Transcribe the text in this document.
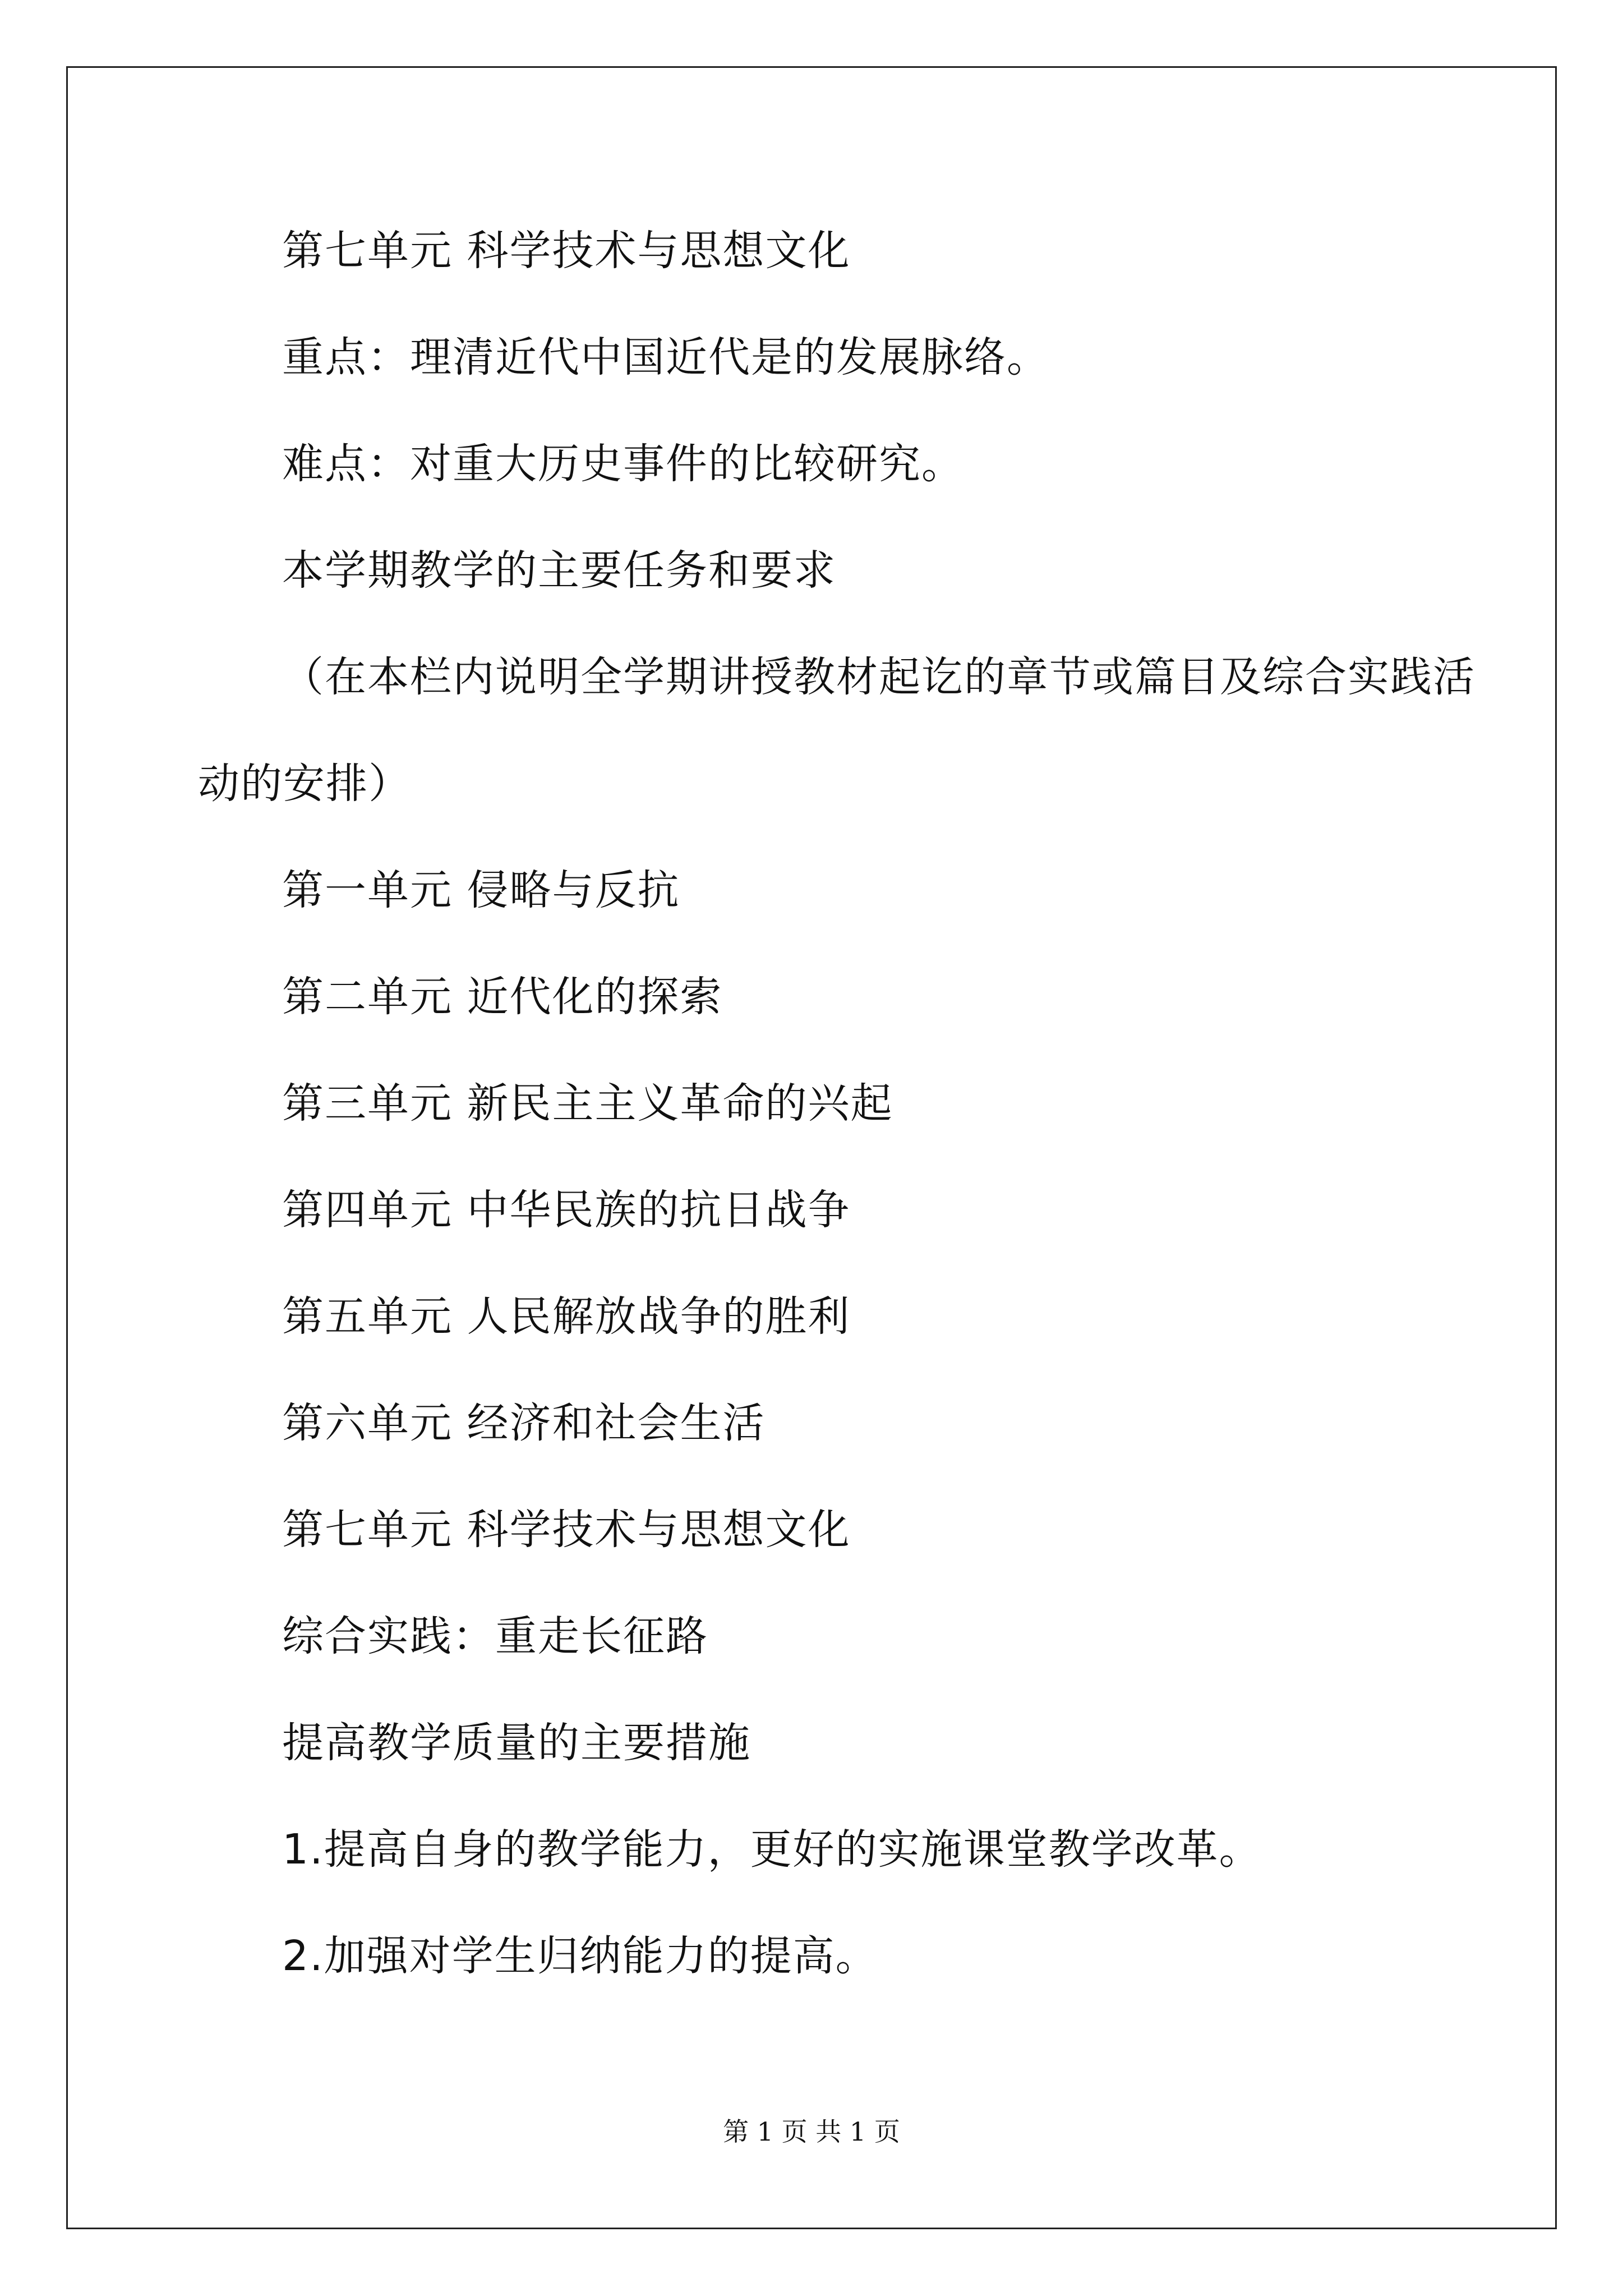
第七单元 科学技术与思想文化
重点：理清近代中国近代是的发展脉络。
难点：对重大历史事件的比较研究。
本学期教学的主要任务和要求
（在本栏内说明全学期讲授教材起讫的章节或篇目及综合实践活
动的安排）
第一单元 侵略与反抗
第二单元 近代化的探索
第三单元 新民主主义革命的兴起
第四单元 中华民族的抗日战争
第五单元 人民解放战争的胜利
第六单元 经济和社会生活
第七单元 科学技术与思想文化
综合实践：重走长征路
提高教学质量的主要措施
1.提高自身的教学能力，更好的实施课堂教学改革。
2.加强对学生归纳能力的提高。
第 1 页 共 1 页
